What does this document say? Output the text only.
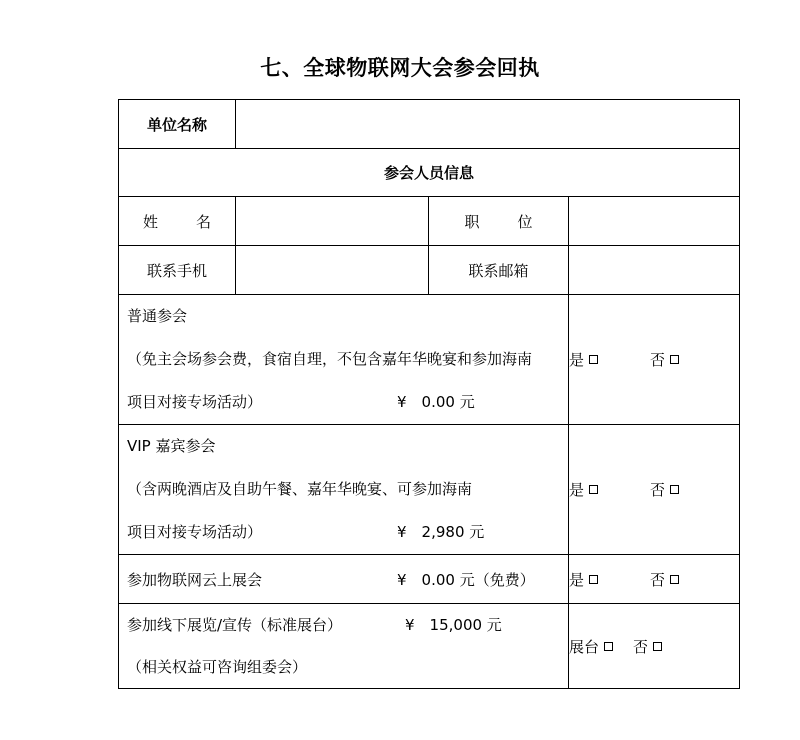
七、全球物联网大会参会回执
单位名称			
参会人员信息			
姓 名		职 位	
联系手机		联系邮箱	

普通参会
（免主会场参会费，食宿自理，不包含嘉年华晚宴和参加海南
项目对接专场活动） ¥　0.00 元			是 否

VIP 嘉宾参会
（含两晚酒店及自助午餐、嘉年华晚宴、可参加海南
项目对接专场活动） ¥　2,980 元			是 否
参加物联网云上展会 ¥　0.00 元（免费）			是 否

参加线下展览/宣传（标准展台） ¥　15,000 元
（相关权益可咨询组委会）			展台 否
